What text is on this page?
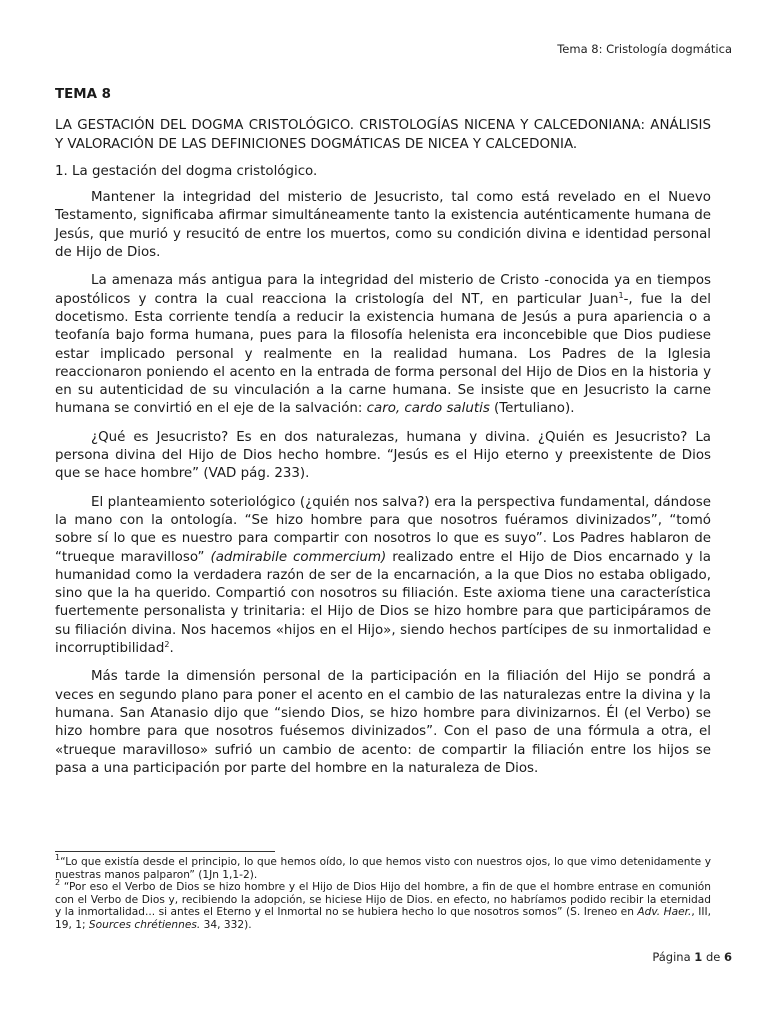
Tema 8: Cristología dogmática
TEMA 8
LA GESTACIÓN DEL DOGMA CRISTOLÓGICO. CRISTOLOGÍAS NICENA Y CALCEDONIANA: ANÁLISIS Y VALORACIÓN DE LAS DEFINICIONES DOGMÁTICAS DE NICEA Y CALCEDONIA.
1. La gestación del dogma cristológico.

Mantener la integridad del misterio de Jesucristo, tal como está revelado en el Nuevo Testamento, significaba afirmar simultáneamente tanto la existencia auténticamente humana de Jesús, que murió y resucitó de entre los muertos, como su condición divina e identidad personal de Hijo de Dios.

La amenaza más antigua para la integridad del misterio de Cristo -conocida ya en tiempos apostólicos y contra la cual reacciona la cristología del NT, en particular Juan$^1$-, fue la del docetismo. Esta corriente tendía a reducir la existencia humana de Jesús a pura apariencia o a teofanía bajo forma humana, pues para la filosofía helenista era inconcebible que Dios pudiese estar implicado personal y realmente en la realidad humana. Los Padres de la Iglesia reaccionaron poniendo el acento en la entrada de forma personal del Hijo de Dios en la historia y en su autenticidad de su vinculación a la carne humana. Se insiste que en Jesucristo la carne humana se convirtió en el eje de la salvación: caro, cardo salutis (Tertuliano).

¿Qué es Jesucristo? Es en dos naturalezas, humana y divina. ¿Quién es Jesucristo? La persona divina del Hijo de Dios hecho hombre. “Jesús es el Hijo eterno y preexistente de Dios que se hace hombre” (VAD pág. 233).

El planteamiento soteriológico (¿quién nos salva?) era la perspectiva fundamental, dándose la mano con la ontología. “Se hizo hombre para que nosotros fuéramos divinizados”, “tomó sobre sí lo que es nuestro para compartir con nosotros lo que es suyo”. Los Padres hablaron de “trueque maravilloso” (admirabile commercium) realizado entre el Hijo de Dios encarnado y la humanidad como la verdadera razón de ser de la encarnación, a la que Dios no estaba obligado, sino que la ha querido. Compartió con nosotros su filiación. Este axioma tiene una característica fuertemente personalista y trinitaria: el Hijo de Dios se hizo hombre para que participáramos de su filiación divina. Nos hacemos «hijos en el Hijo», siendo hechos partícipes de su inmortalidad e incorruptibilidad$^2$.

Más tarde la dimensión personal de la participación en la filiación del Hijo se pondrá a veces en segundo plano para poner el acento en el cambio de las naturalezas entre la divina y la humana. San Atanasio dijo que “siendo Dios, se hizo hombre para divinizarnos. Él (el Verbo) se hizo hombre para que nosotros fuésemos divinizados”. Con el paso de una fórmula a otra, el «trueque maravilloso» sufrió un cambio de acento: de compartir la filiación entre los hijos se pasa a una participación por parte del hombre en la naturaleza de Dios.

$^1$“Lo que existía desde el principio, lo que hemos oído, lo que hemos visto con nuestros ojos, lo que vimo detenidamente y nuestras manos palparon” (1Jn 1,1-2).

$^2$ “Por eso el Verbo de Dios se hizo hombre y el Hijo de Dios Hijo del hombre, a fin de que el hombre entrase en comunión con el Verbo de Dios y, recibiendo la adopción, se hiciese Hijo de Dios. en efecto, no habríamos podido recibir la eternidad y la inmortalidad... si antes el Eterno y el Inmortal no se hubiera hecho lo que nosotros somos” (S. Ireneo en Adv. Haer., III, 19, 1; Sources chrétiennes. 34, 332).

Página 1 de 6
